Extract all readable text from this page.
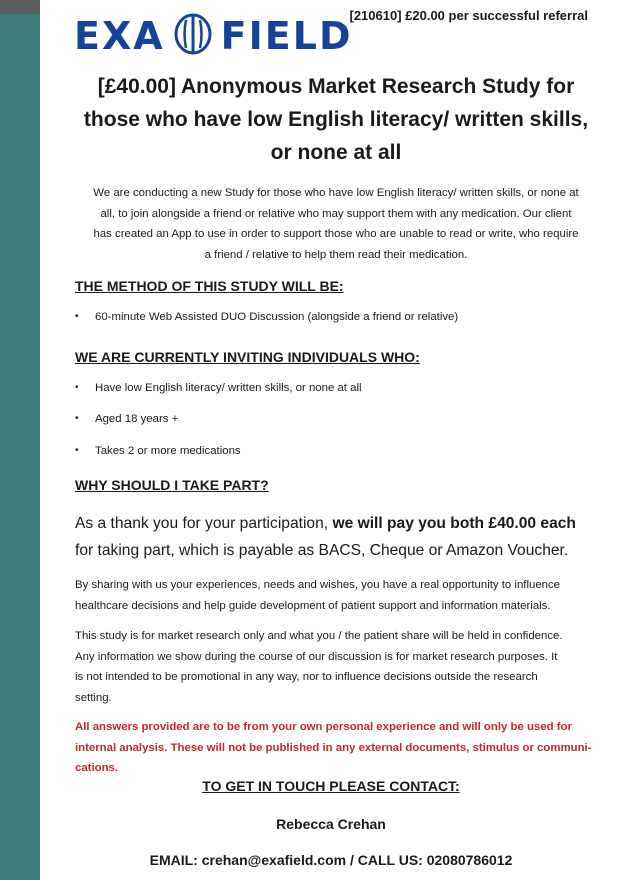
EXA FIELD
[210610] £20.00 per successful referral
[£40.00] Anonymous Market Research Study for
those who have low English literacy/ written skills,
or none at all
We are conducting a new Study for those who have low English literacy/ written skills, or none at
all, to join alongside a friend or relative who may support them with any medication. Our client
has created an App to use in order to support those who are unable to read or write, who require
a friend / relative to help them read their medication.
THE METHOD OF THIS STUDY WILL BE:
•	60-minute Web Assisted DUO Discussion (alongside a friend or relative)
WE ARE CURRENTLY INVITING INDIVIDUALS WHO:
•	Have low English literacy/ written skills, or none at all
•	Aged 18 years +
•	Takes 2 or more medications
WHY SHOULD I TAKE PART?
As a thank you for your participation, we will pay you both £40.00 each
for taking part, which is payable as BACS, Cheque or Amazon Voucher.
By sharing with us your experiences, needs and wishes, you have a real opportunity to influence
healthcare decisions and help guide development of patient support and information materials.
This study is for market research only and what you / the patient share will be held in confidence.
Any information we show during the course of our discussion is for market research purposes. It
is not intended to be promotional in any way, nor to influence decisions outside the research
setting.
All answers provided are to be from your own personal experience and will only be used for
internal analysis. These will not be published in any external documents, stimulus or communi-
cations.
TO GET IN TOUCH PLEASE CONTACT:
Rebecca Crehan
EMAIL: crehan@exafield.com / CALL US: 02080786012
